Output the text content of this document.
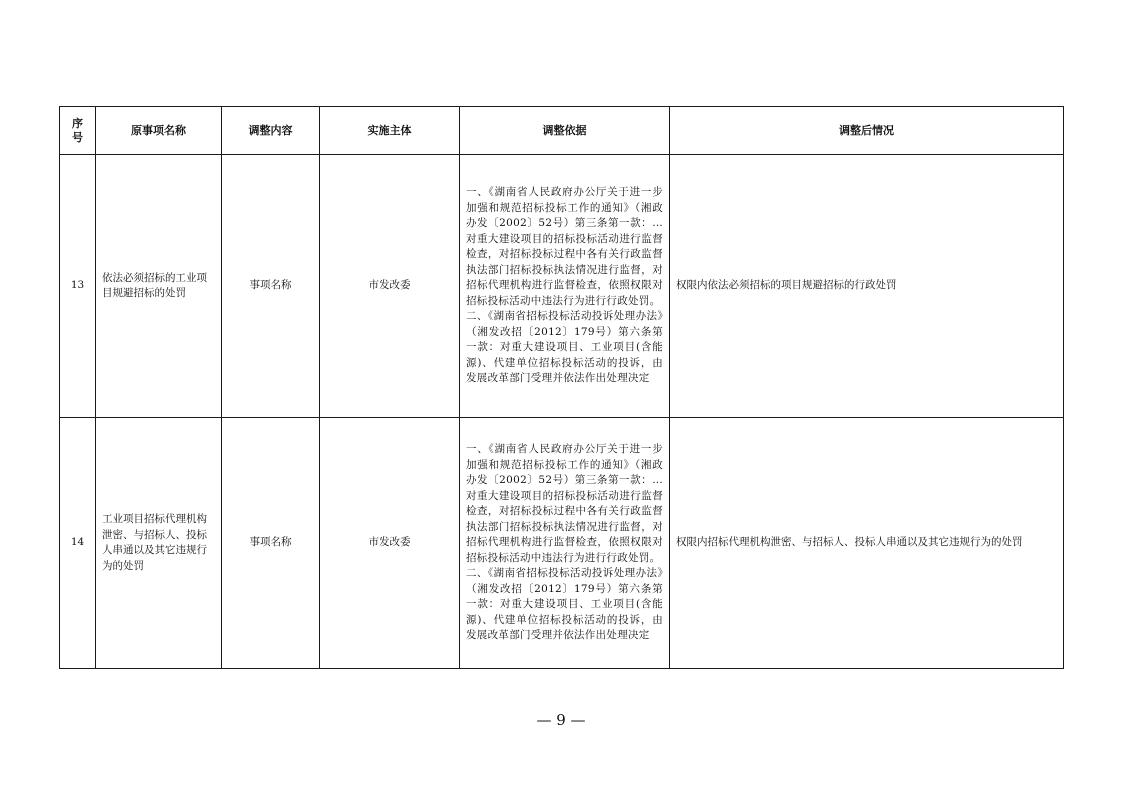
序
号	原事项名称	调整内容	实施主体	调整依据	调整后情况
13	依法必须招标的工业项目规避招标的处罚	事项名称	市发改委	一、《湖南省人民政府办公厅关于进一步加强和规范招标投标工作的通知》（湘政办发〔2002〕52号）第三条第一款：…对重大建设项目的招标投标活动进行监督检查，对招标投标过程中各有关行政监督执法部门招标投标执法情况进行监督，对招标代理机构进行监督检查，依照权限对招标投标活动中违法行为进行行政处罚。

二、《湖南省招标投标活动投诉处理办法》（湘发改招〔2012〕179号）第六条第一款：对重大建设项目、工业项目(含能源)、代建单位招标投标活动的投诉，由发展改革部门受理并依法作出处理决定	权限内依法必须招标的项目规避招标的行政处罚
14	工业项目招标代理机构泄密、与招标人、投标人串通以及其它违规行为的处罚	事项名称	市发改委	一、《湖南省人民政府办公厅关于进一步加强和规范招标投标工作的通知》（湘政办发〔2002〕52号）第三条第一款：…对重大建设项目的招标投标活动进行监督检查，对招标投标过程中各有关行政监督执法部门招标投标执法情况进行监督，对招标代理机构进行监督检查，依照权限对招标投标活动中违法行为进行行政处罚。

二、《湖南省招标投标活动投诉处理办法》（湘发改招〔2012〕179号）第六条第一款：对重大建设项目、工业项目(含能源)、代建单位招标投标活动的投诉，由发展改革部门受理并依法作出处理决定	权限内招标代理机构泄密、与招标人、投标人串通以及其它违规行为的处罚
— 9 —
